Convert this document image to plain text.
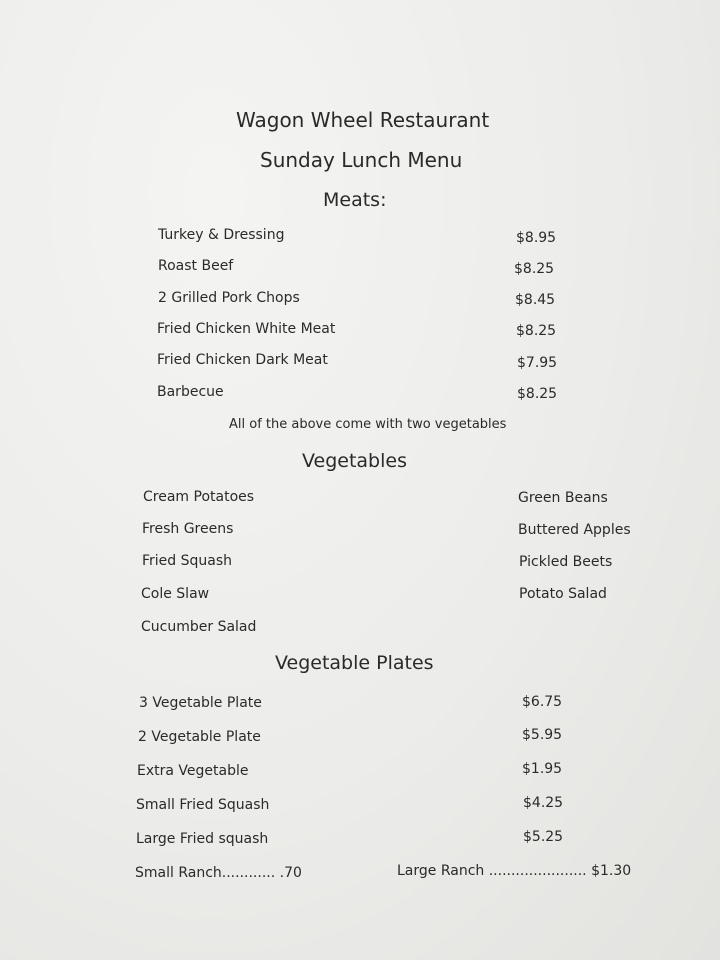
Wagon Wheel Restaurant
Sunday Lunch Menu
Meats:
Turkey & Dressing	$8.95
Roast Beef	$8.25
2 Grilled Pork Chops	$8.45
Fried Chicken White Meat	$8.25
Fried Chicken Dark Meat	$7.95
Barbecue	$8.25
All of the above come with two vegetables
Vegetables
Cream Potatoes
Fresh Greens
Fried Squash
Cole Slaw
Cucumber Salad
Green Beans
Buttered Apples
Pickled Beets
Potato Salad
Vegetable Plates
3 Vegetable Plate	$6.75
2 Vegetable Plate	$5.95
Extra Vegetable	$1.95
Small Fried Squash	$4.25
Large Fried squash	$5.25
Small Ranch............ .70	Large Ranch ...................... $1.30
